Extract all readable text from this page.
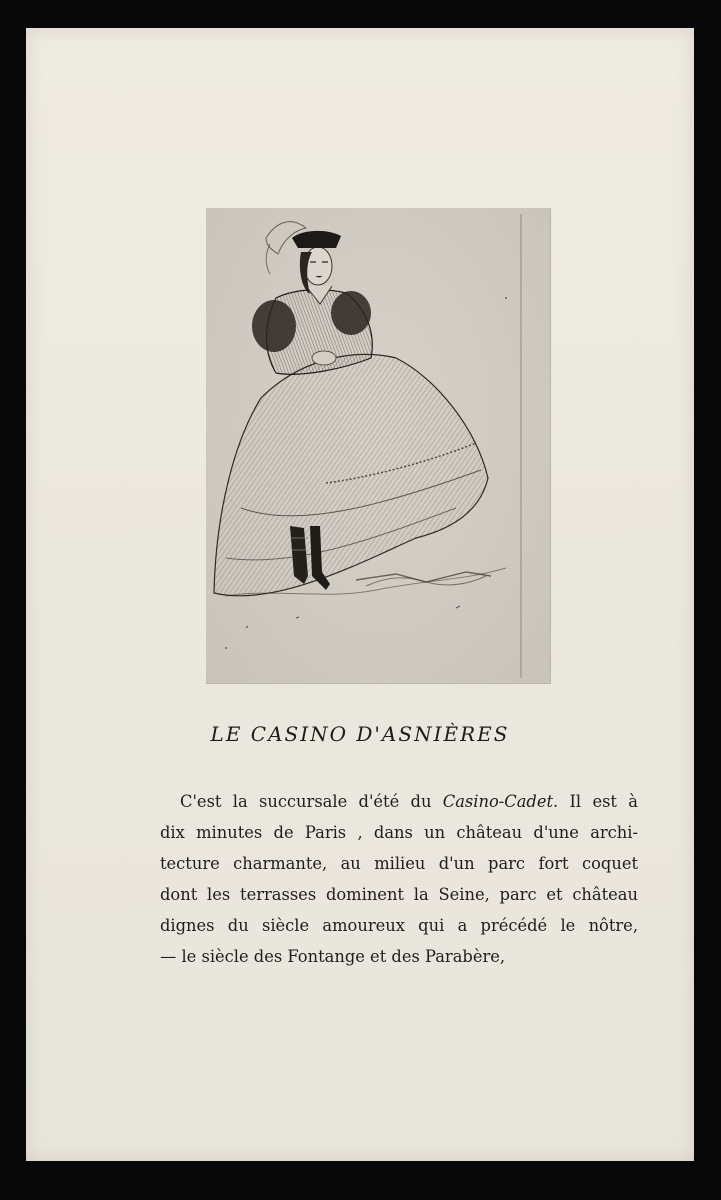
LE CASINO D'ASNIÈRES
C'est la succursale d'été du Casino-Cadet. Il est à
dix minutes de Paris , dans un château d'une archi-
tecture charmante, au milieu d'un parc fort coquet
dont les terrasses dominent la Seine, parc et château
dignes du siècle amoureux qui a précédé le nôtre,
— le siècle des Fontange et des Parabère,
